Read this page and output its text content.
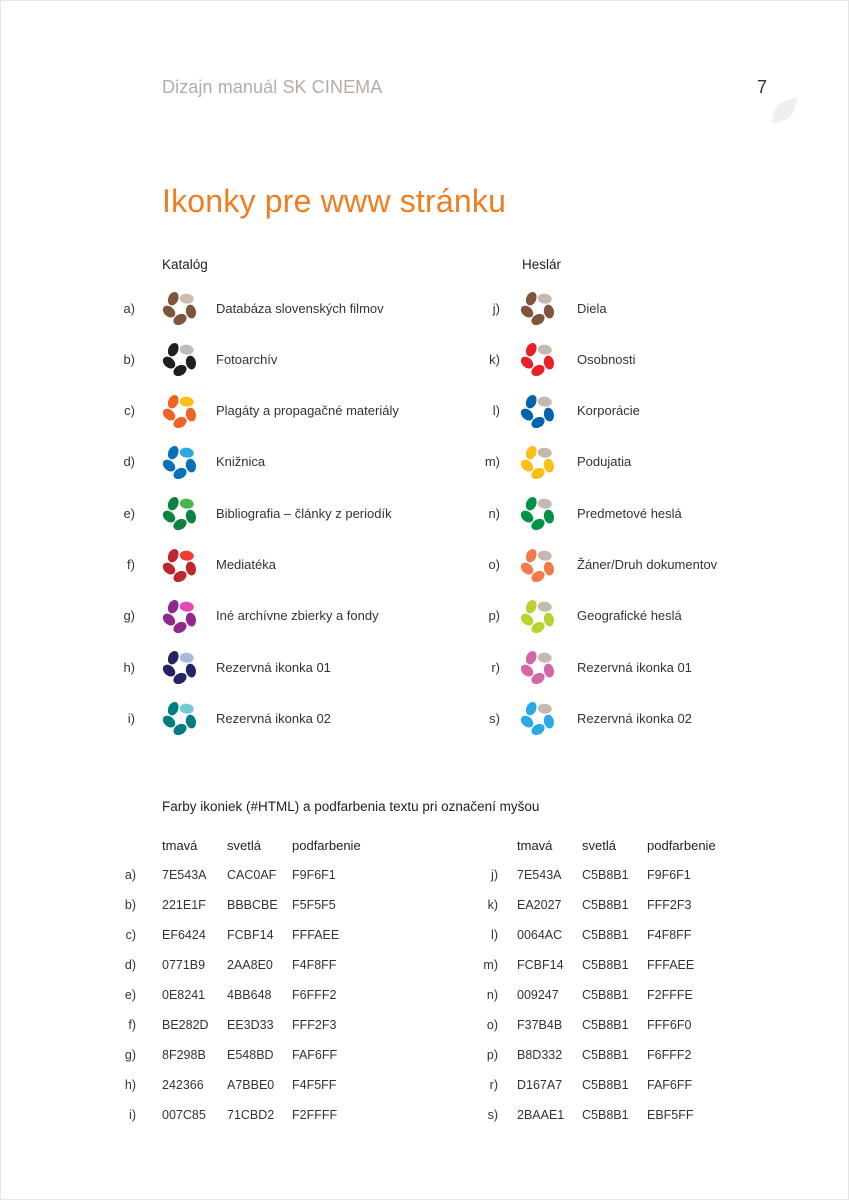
Dizajn manuál SK CINEMA	7
Ikonky pre www stránku
Katalóg	Heslár
a)	Databáza slovenských filmov
b)	Fotoarchív
c)	Plagáty a propagačné materiály
d)	Knižnica
e)	Bibliografia – články z periodík
f)	Mediatéka
g)	Iné archívne zbierky a fondy
h)	Rezervná ikonka 01
i)	Rezervná ikonka 02
j)	Diela
k)	Osobnosti
l)	Korporácie
m)	Podujatia
n)	Predmetové heslá
o)	Žáner/Druh dokumentov
p)	Geografické heslá
r)	Rezervná ikonka 01
s)	Rezervná ikonka 02
Farby ikoniek (#HTML) a podfarbenia textu pri označení myšou
tmavá svetlá podfarbenie
a) 7E543A CAC0AF F9F6F1
b) 221E1F BBBCBE F5F5F5
c) EF6424 FCBF14 FFFAEE
d) 0771B9 2AA8E0 F4F8FF
e) 0E8241 4BB648 F6FFF2
f) BE282D EE3D33 FFF2F3
g) 8F298B E548BD FAF6FF
h) 242366 A7BBE0 F4F5FF
i) 007C85 71CBD2 F2FFFF
tmavá svetlá podfarbenie
j) 7E543A C5B8B1 F9F6F1
k) EA2027 C5B8B1 FFF2F3
l) 0064AC C5B8B1 F4F8FF
m) FCBF14 C5B8B1 FFFAEE
n) 009247 C5B8B1 F2FFFE
o) F37B4B C5B8B1 FFF6F0
p) B8D332 C5B8B1 F6FFF2
r) D167A7 C5B8B1 FAF6FF
s) 2BAAE1 C5B8B1 EBF5FF
